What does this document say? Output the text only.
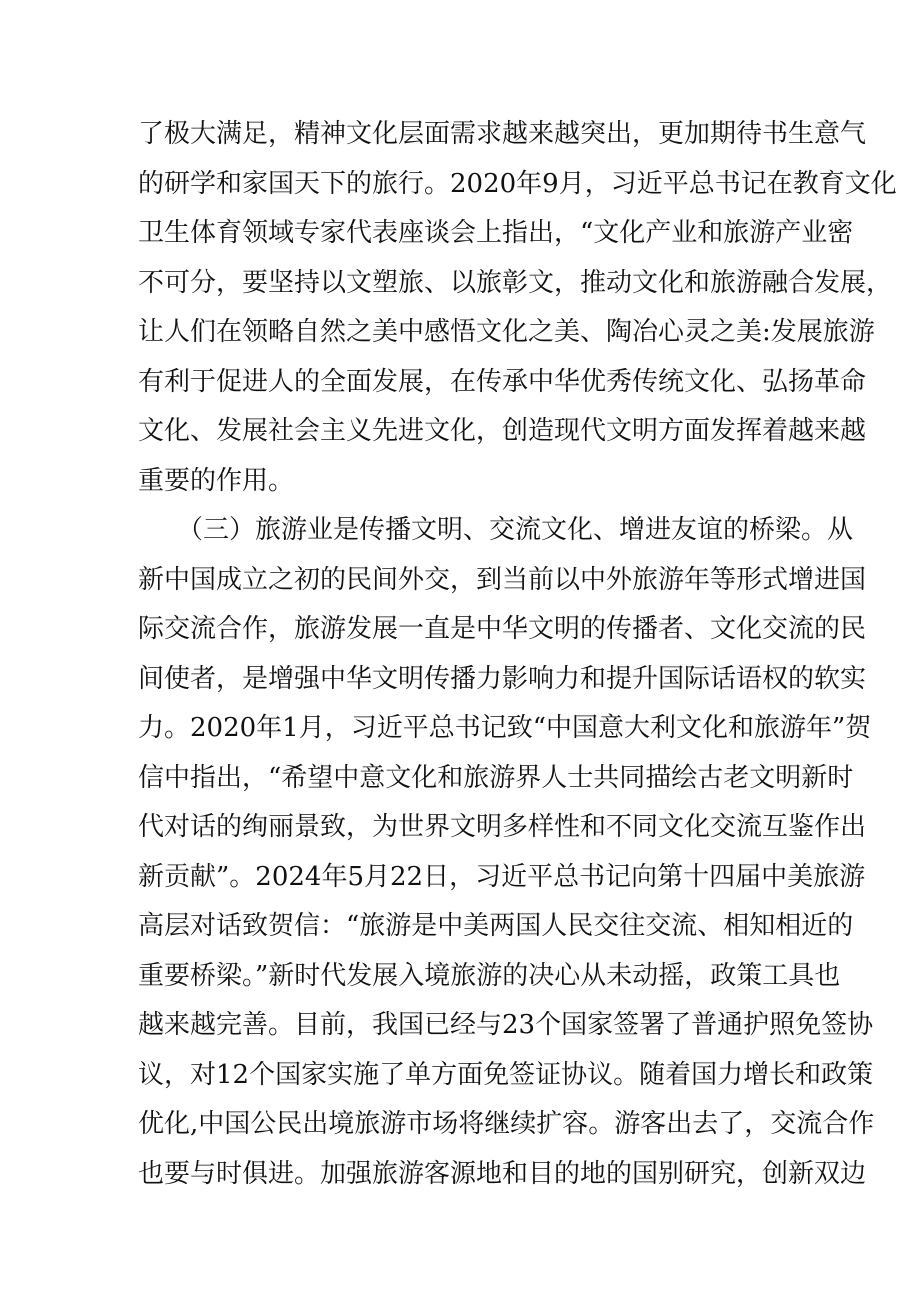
了极大满足，精神文化层面需求越来越突出，更加期待书生意气
的研学和家国天下的旅行。2020年9月，习近平总书记在教育文化
卫生体育领域专家代表座谈会上指出，“文化产业和旅游产业密
不可分，要坚持以文塑旅、以旅彰文，推动文化和旅游融合发展，
让人们在领略自然之美中感悟文化之美、陶冶心灵之美:发展旅游
有利于促进人的全面发展，在传承中华优秀传统文化、弘扬革命
文化、发展社会主义先进文化，创造现代文明方面发挥着越来越
重要的作用。

　　（三）旅游业是传播文明、交流文化、增进友谊的桥梁。从
新中国成立之初的民间外交，到当前以中外旅游年等形式增进国
际交流合作，旅游发展一直是中华文明的传播者、文化交流的民
间使者，是增强中华文明传播力影响力和提升国际话语权的软实
力。2020年1月，习近平总书记致“中国意大利文化和旅游年”贺
信中指出，“希望中意文化和旅游界人士共同描绘古老文明新时
代对话的绚丽景致，为世界文明多样性和不同文化交流互鉴作出
新贡献”。2024年5月22日，习近平总书记向第十四届中美旅游
高层对话致贺信：“旅游是中美两国人民交往交流、相知相近的
重要桥梁。”新时代发展入境旅游的决心从未动摇，政策工具也
越来越完善。目前，我国已经与23个国家签署了普通护照免签协
议，对12个国家实施了单方面免签证协议。随着国力增长和政策
优化,中国公民出境旅游市场将继续扩容。游客出去了，交流合作
也要与时俱进。加强旅游客源地和目的地的国别研究，创新双边
